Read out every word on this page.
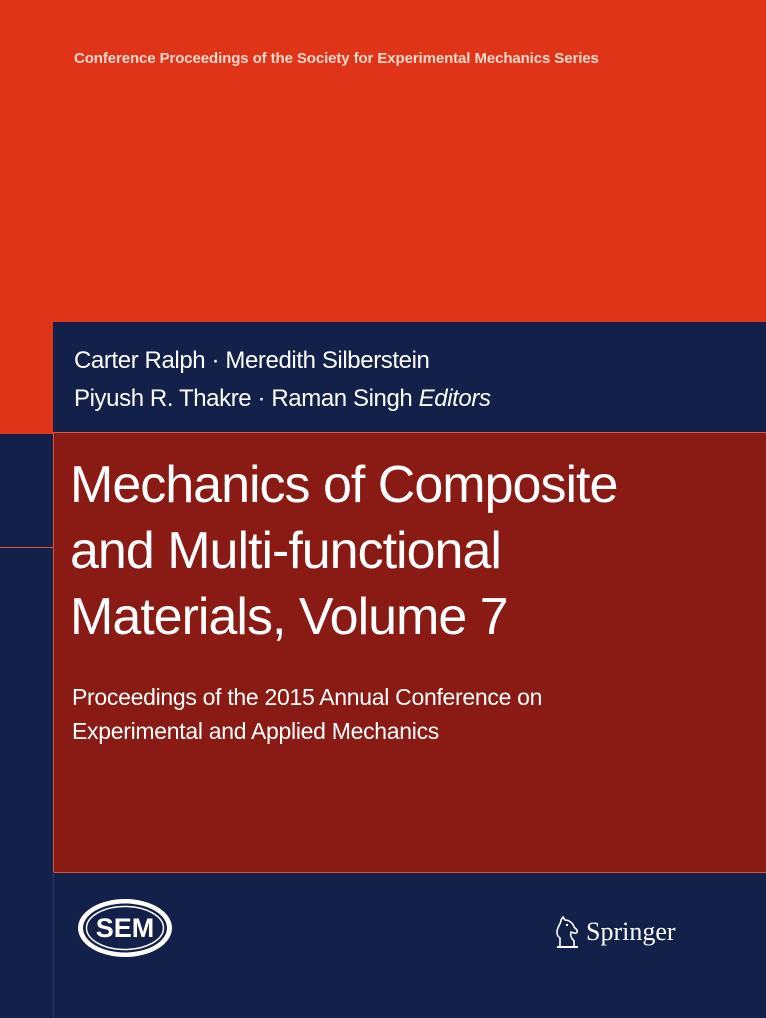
Conference Proceedings of the Society for Experimental Mechanics Series
Carter Ralph · Meredith Silberstein
Piyush R. Thakre · Raman Singh Editors
Mechanics of Composite
and Multi-functional
Materials, Volume 7
Proceedings of the 2015 Annual Conference on
Experimental and Applied Mechanics
SEM	Springer
